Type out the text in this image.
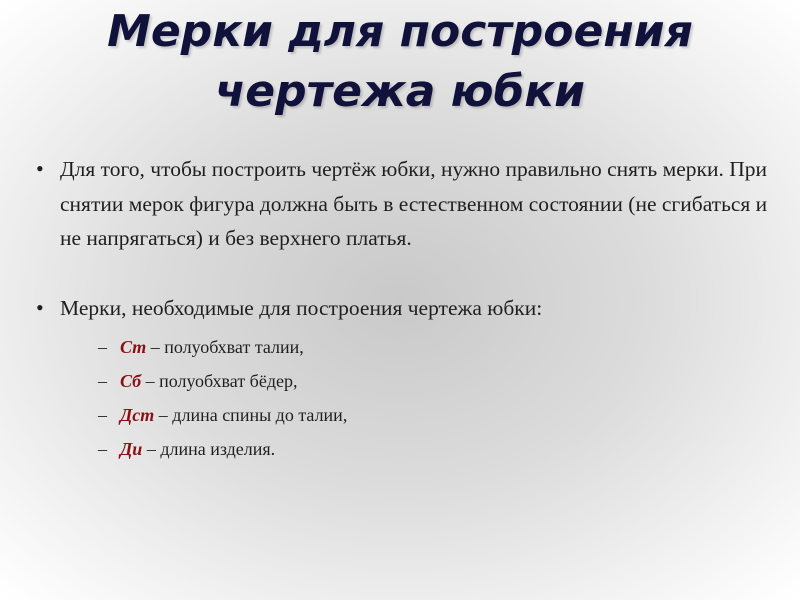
Мерки для построения
чертежа юбки
• Для того, чтобы построить чертёж юбки, нужно правильно снять мерки. При снятии мерок фигура должна быть в естественном состоянии (не сгибаться и не напрягаться) и без верхнего платья.
• Мерки, необходимые для построения чертежа юбки:
– Ст – полуобхват талии,
– Сб – полуобхват бёдер,
– Дст – длина спины до талии,
– Ди – длина изделия.
